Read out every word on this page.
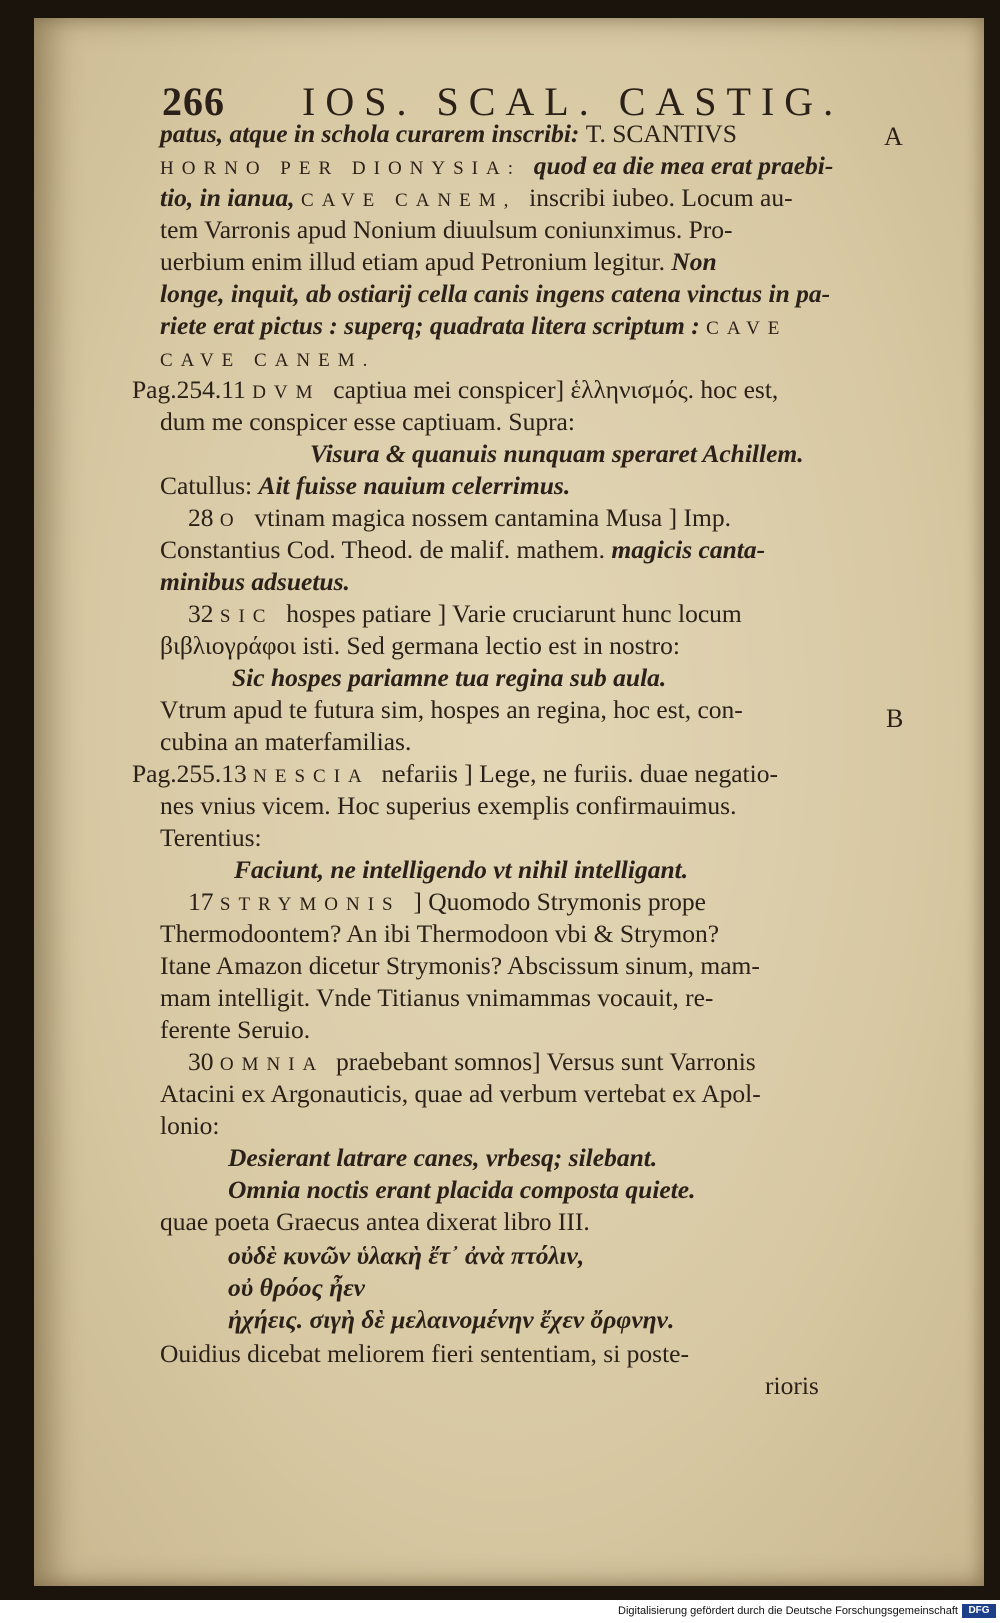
266 IOS. SCAL. CASTIG.
A
B
patus, atque in schola curarem inscribi: T. SCANTIVS
HORNO PER DIONYSIA: quod ea die mea erat praebi-
tio, in ianua, CAVE CANEM, inscribi iubeo. Locum au-
tem Varronis apud Nonium diuulsum coniunximus. Pro-
uerbium enim illud etiam apud Petronium legitur. Non
longe, inquit, ab ostiarij cella canis ingens catena vinctus in pa-
riete erat pictus : superq; quadrata litera scriptum : CAVE
CAVE CANEM.
Pag.254.11 DVM captiua mei conspicer] ἑλληνισμός. hoc est,
dum me conspicer esse captiuam. Supra:
Visura & quanuis nunquam speraret Achillem.
Catullus: Ait fuisse nauium celerrimus.
28 O vtinam magica nossem cantamina Musa ] Imp.
Constantius Cod. Theod. de malif. mathem. magicis canta-
minibus adsuetus.
32 SIC hospes patiare ] Varie cruciarunt hunc locum
βιβλιογράφοι isti. Sed germana lectio est in nostro:
Sic hospes pariamne tua regina sub aula.
Vtrum apud te futura sim, hospes an regina, hoc est, con-
cubina an materfamilias.
Pag.255.13 NESCIA nefariis ] Lege, ne furiis. duae negatio-
nes vnius vicem. Hoc superius exemplis confirmauimus.
Terentius:
Faciunt, ne intelligendo vt nihil intelligant.
17 STRYMONIS ] Quomodo Strymonis prope
Thermodoontem? An ibi Thermodoon vbi & Strymon?
Itane Amazon dicetur Strymonis? Abscissum sinum, mam-
mam intelligit. Vnde Titianus vnimammas vocauit, re-
ferente Seruio.
30 OMNIA praebebant somnos] Versus sunt Varronis
Atacini ex Argonauticis, quae ad verbum vertebat ex Apol-
lonio:
Desierant latrare canes, vrbesq; silebant.
Omnia noctis erant placida composta quiete.
quae poeta Graecus antea dixerat libro III.
οὐδὲ κυνῶν ὑλακὴ ἔτ᾽ ἀνὰ πτόλιν,
οὐ θρόος ἦεν
ἠχήεις. σιγὴ δὲ μελαινομένην ἔχεν ὄρφνην.
Ouidius dicebat meliorem fieri sententiam, si poste-
rioris
Digitalisierung gefördert durch die Deutsche Forschungsgemeinschaft	DFG
